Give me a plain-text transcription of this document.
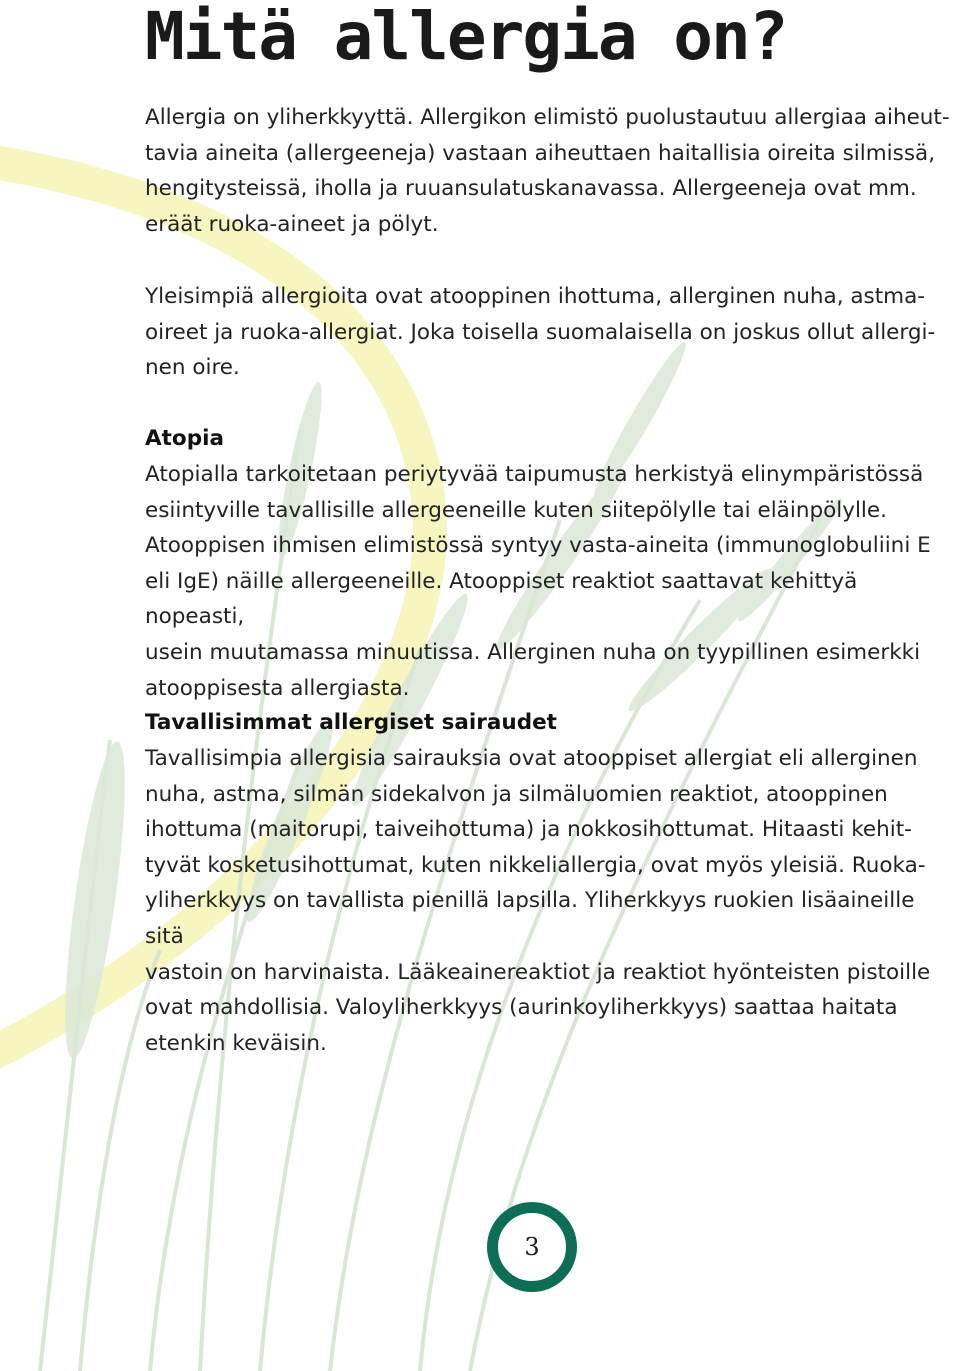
Mitä allergia on?
Allergia on yliherkkyyttä. Allergikon elimistö puolustautuu allergiaa aiheut-
tavia aineita (allergeeneja) vastaan aiheuttaen haitallisia oireita silmissä,
hengitysteissä, iholla ja ruuansulatuskanavassa. Allergeeneja ovat mm.
eräät ruoka-aineet ja pölyt.
Yleisimpiä allergioita ovat atooppinen ihottuma, allerginen nuha, astma-
oireet ja ruoka-allergiat. Joka toisella suomalaisella on joskus ollut allergi-
nen oire.
Atopia
Atopialla tarkoitetaan periytyvää taipumusta herkistyä elinympäristössä
esiintyville tavallisille allergeeneille kuten siitepölylle tai eläinpölylle.
Atooppisen ihmisen elimistössä syntyy vasta-aineita (immunoglobuliini E
eli IgE) näille allergeeneille. Atooppiset reaktiot saattavat kehittyä nopeasti,
usein muutamassa minuutissa. Allerginen nuha on tyypillinen esimerkki
atooppisesta allergiasta.
Tavallisimmat allergiset sairaudet
Tavallisimpia allergisia sairauksia ovat atooppiset allergiat eli allerginen
nuha, astma, silmän sidekalvon ja silmäluomien reaktiot, atooppinen
ihottuma (maitorupi, taiveihottuma) ja nokkosihottumat. Hitaasti kehit-
tyvät kosketusihottumat, kuten nikkeliallergia, ovat myös yleisiä. Ruoka-
yliherkkyys on tavallista pienillä lapsilla. Yliherkkyys ruokien lisäaineille sitä
vastoin on harvinaista. Lääkeainereaktiot ja reaktiot hyönteisten pistoille
ovat mahdollisia. Valoyliherkkyys (aurinkoyliherkkyys) saattaa haitata
etenkin keväisin.
3
